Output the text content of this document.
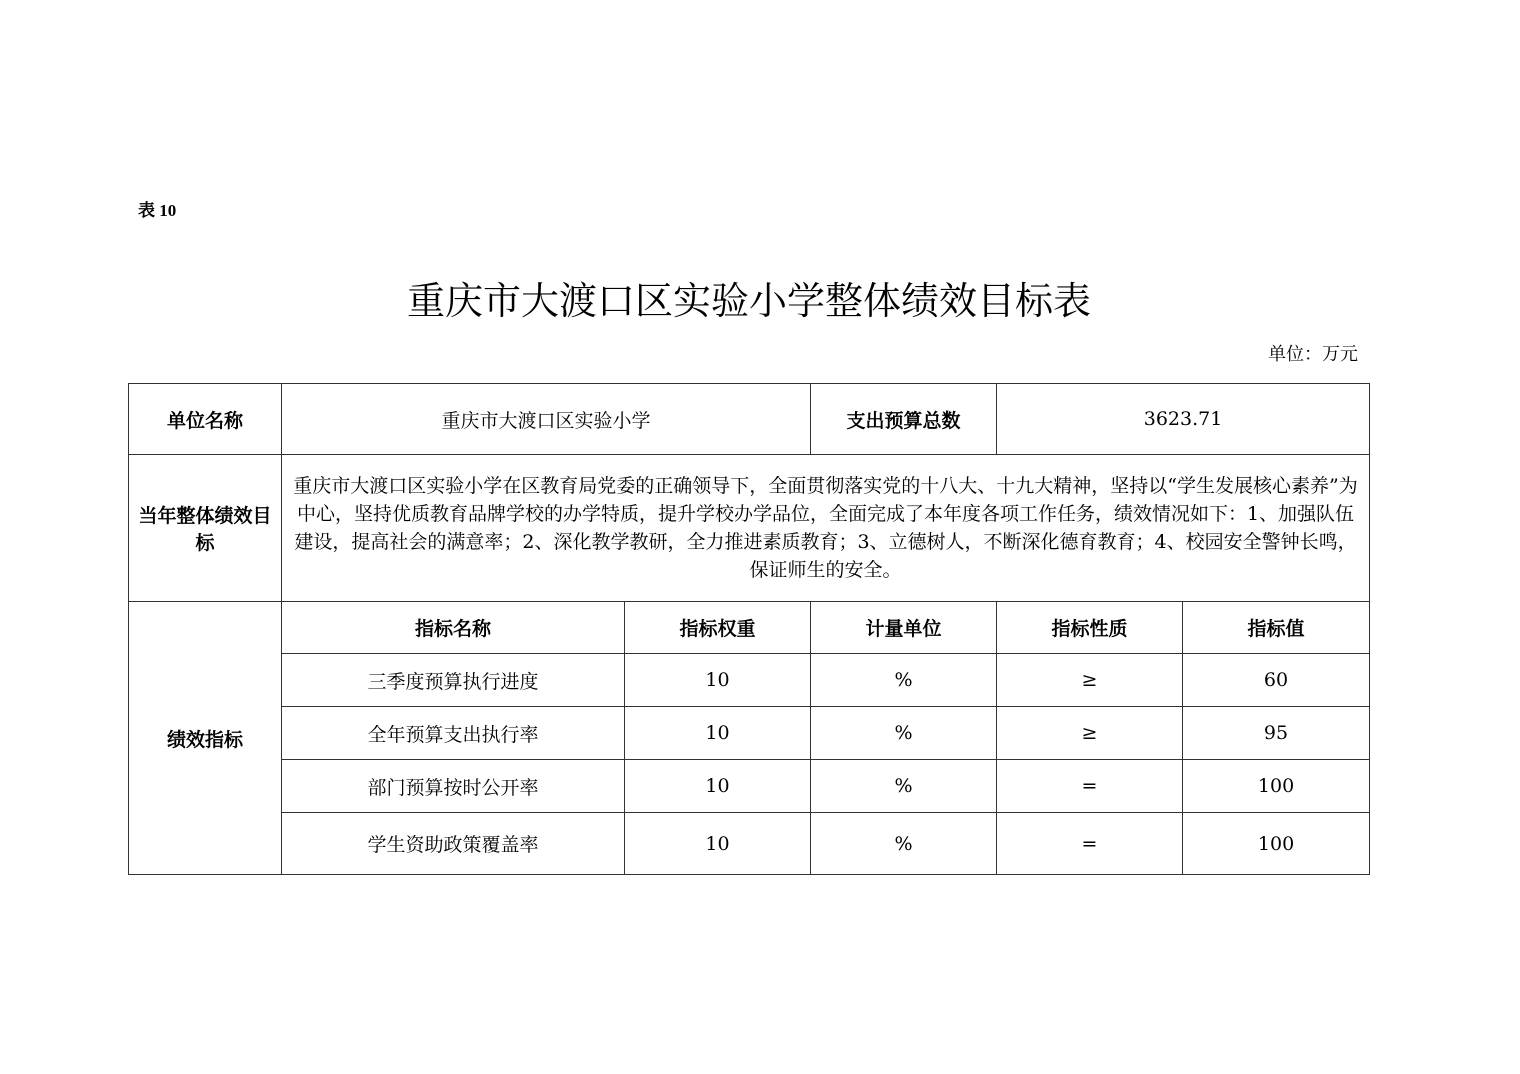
表 10
重庆市大渡口区实验小学整体绩效目标表
单位：万元
单位名称	重庆市大渡口区实验小学		支出预算总数	3623.71	
当年整体绩效目标	重庆市大渡口区实验小学在区教育局党委的正确领导下，全面贯彻落实党的十八大、十九大精神，坚持以“学生发展核心素养”为中心，坚持优质教育品牌学校的办学特质，提升学校办学品位，全面完成了本年度各项工作任务，绩效情况如下：1、加强队伍建设，提高社会的满意率；2、深化教学教研，全力推进素质教育；3、立德树人，不断深化德育教育；4、校园安全警钟长鸣，保证师生的安全。				
绩效指标	指标名称	指标权重	计量单位	指标性质	指标值
	三季度预算执行进度	10	%	≥	60
	全年预算支出执行率	10	%	≥	95
	部门预算按时公开率	10	%	=	100
	学生资助政策覆盖率	10	%	=	100
